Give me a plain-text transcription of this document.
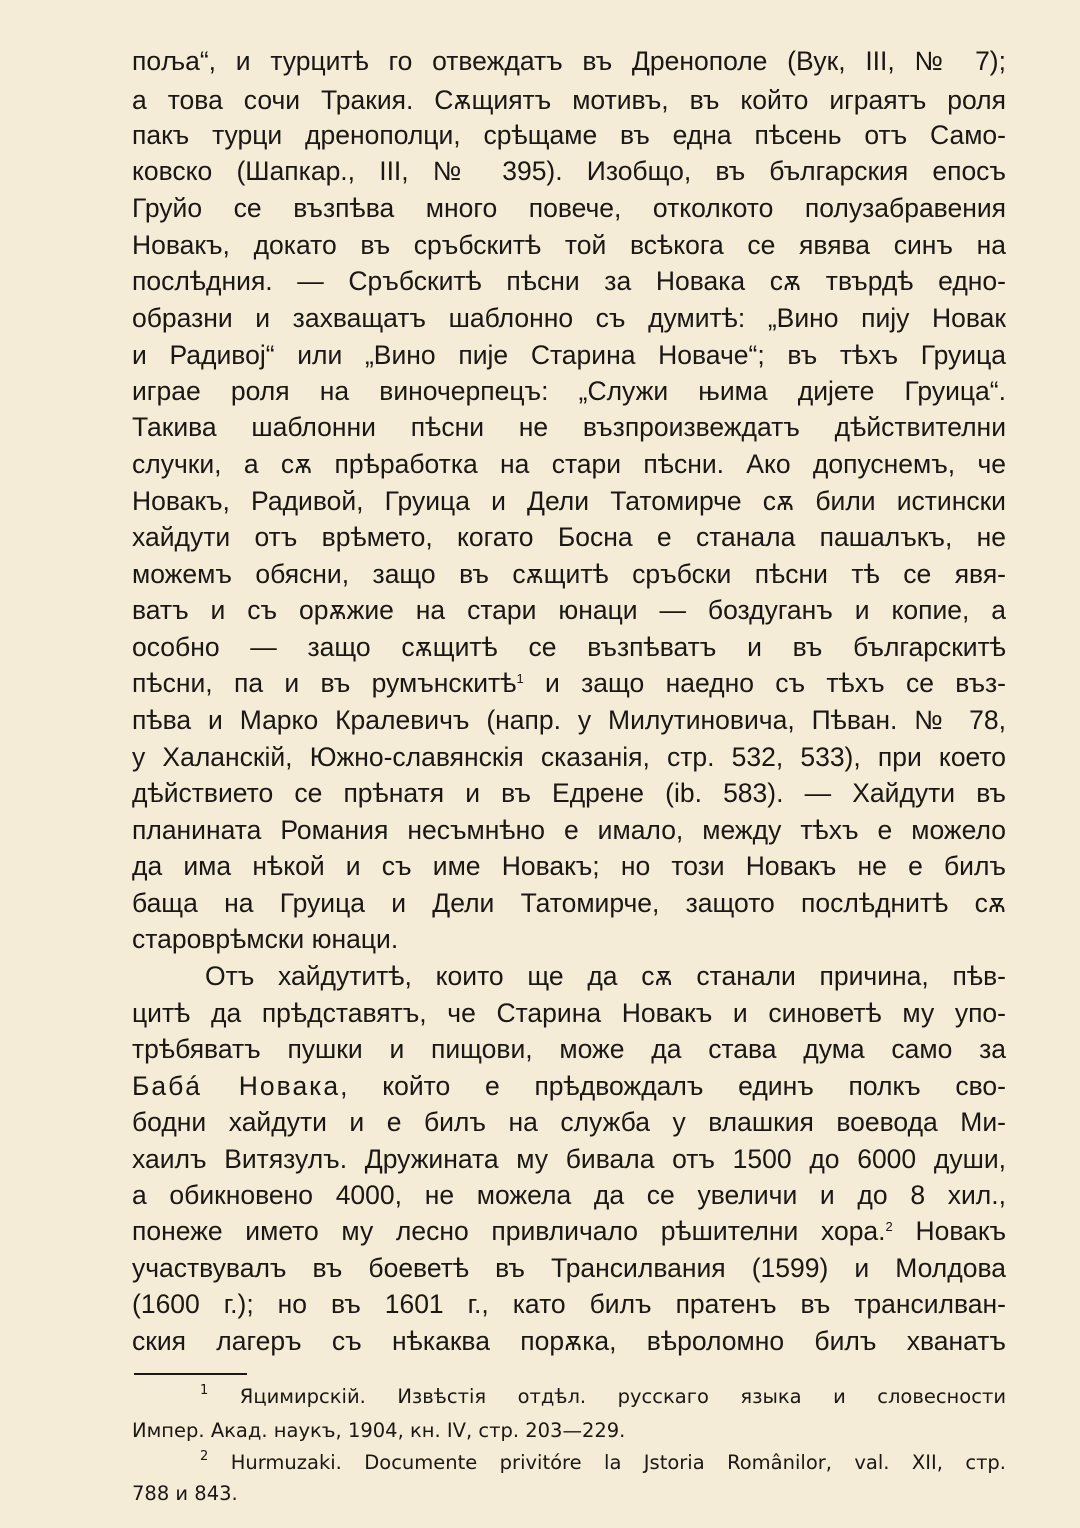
поља“, и турцитѣ го отвеждатъ въ Дренополе (Вук, III, № 7);
а това сочи Тракия. Сѫщиятъ мотивъ, въ който играятъ роля
пакъ турци дренополци, срѣщаме въ една пѣсень отъ Само-
ковско (Шапкар., III, № 395). Изобщо, въ българския епосъ
Груйо се възпѣва много повече, отколкото полузабравения
Новакъ, докато въ сръбскитѣ той всѣкога се явява синъ на
послѣдния. — Сръбскитѣ пѣсни за Новака сѫ твърдѣ едно-
образни и захващатъ шаблонно съ думитѣ: „Вино пију Новак
и Радивој“ или „Вино пије Старина Новаче“; въ тѣхъ Груица
играе роля на виночерпецъ: „Служи њима дијете Груица“.
Такива шаблонни пѣсни не възпроизвеждатъ дѣйствителни
случки, а сѫ прѣработка на стари пѣсни. Ако допуснемъ, че
Новакъ, Радивой, Груица и Дели Татомирче сѫ били истински
хайдути отъ врѣмето, когато Босна е станала пашалъкъ, не
можемъ обясни, защо въ сѫщитѣ сръбски пѣсни тѣ се явя-
ватъ и съ орѫжие на стари юнаци — боздуганъ и копие, а
особно — защо сѫщитѣ се възпѣватъ и въ българскитѣ
пѣсни, па и въ румънскитѣ$^1$ и защо наедно съ тѣхъ се въз-
пѣва и Марко Кралевичъ (напр. у Милутиновича, Пѣван. № 78,
у Халанскій, Южно-славянскія сказанія, стр. 532, 533), при което
дѣйствието се прѣнатя и въ Едрене (ib. 583). — Хайдути въ
планината Романия несъмнѣно е имало, между тѣхъ е можело
да има нѣкой и съ име Новакъ; но този Новакъ не е билъ
баща на Груица и Дели Татомирче, защото послѣднитѣ сѫ
староврѣмски юнаци.
Отъ хайдутитѣ, които ще да сѫ станали причина, пѣв-
цитѣ да прѣдставятъ, че Старина Новакъ и синоветѣ му упо-
трѣбяватъ пушки и пищови, може да става дума само за
Бабá Новака, който е прѣдвождалъ единъ полкъ сво-
бодни хайдути и е билъ на служба у влашкия воевода Ми-
хаилъ Витязулъ. Дружината му бивала отъ 1500 до 6000 души,
а обикновено 4000, не можела да се увеличи и до 8 хил.,
понеже името му лесно привличало рѣшителни хора.$^2$ Новакъ
участвувалъ въ боеветѣ въ Трансилвания (1599) и Молдова
(1600 г.); но въ 1601 г., като билъ пратенъ въ трансилван-
ския лагеръ съ нѣкаква порѫка, вѣроломно билъ хванатъ
$^1$ Яцимирскій. Извѣстія отдѣл. русскаго языка и словесности
Импер. Акад. наукъ, 1904, кн. IV, стр. 203—229.
$^2$ Hurmuzaki. Documente privitóre la Jstoria Românilor, val. XII, стр.
788 и 843.
